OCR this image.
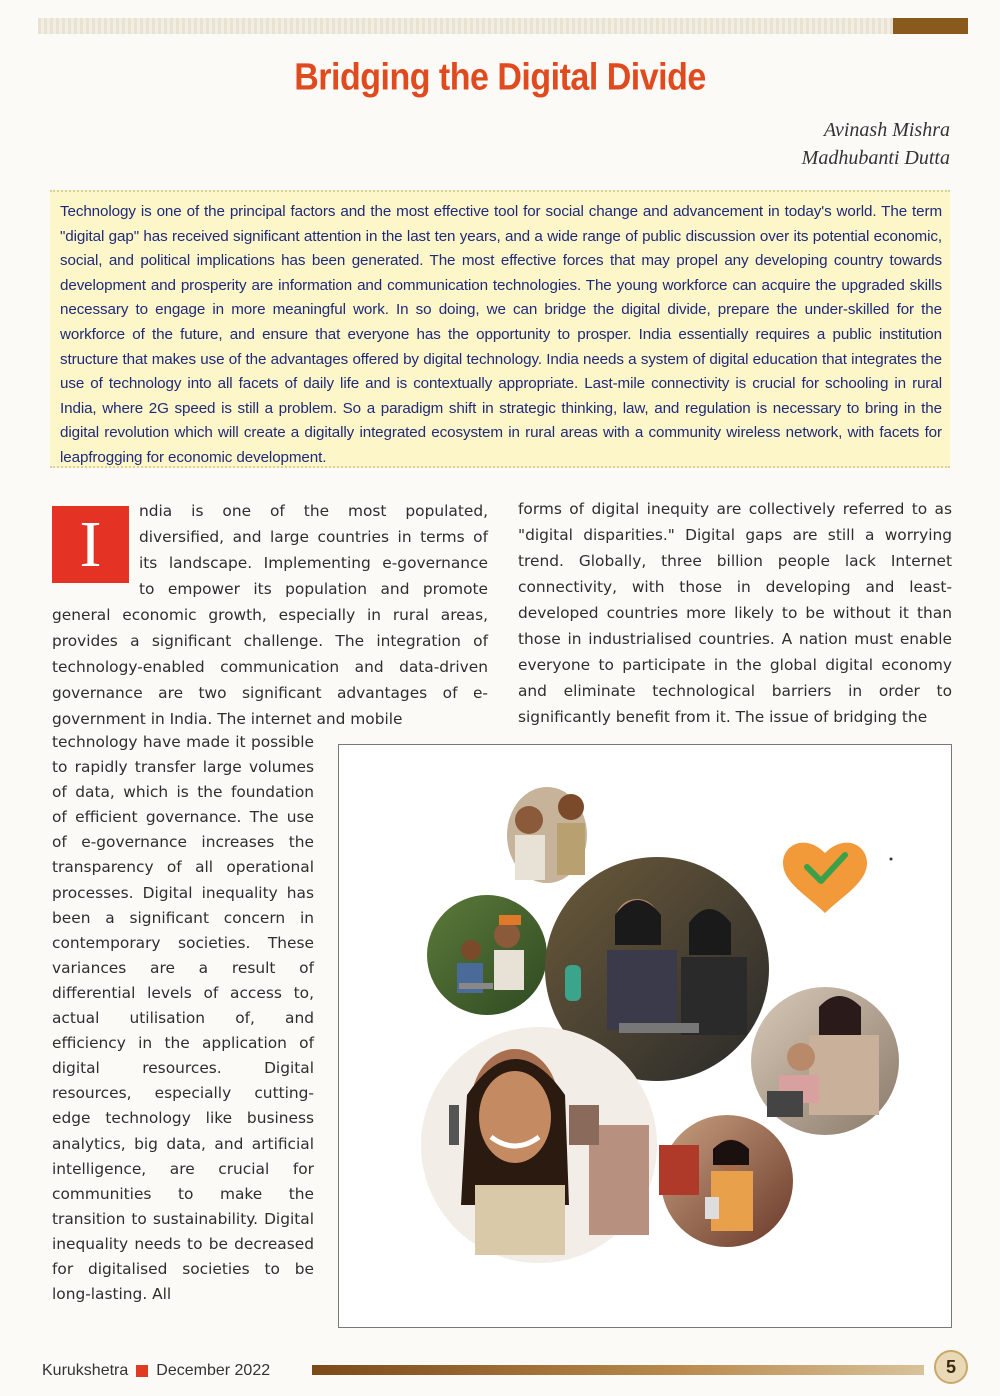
Bridging the Digital Divide
Avinash Mishra
Madhubanti Dutta

Technology is one of the principal factors and the most effective tool for social change and advancement in today's world. The term "digital gap" has received significant attention in the last ten years, and a wide range of public discussion over its potential economic, social, and political implications has been generated. The most effective forces that may propel any developing country towards development and prosperity are information and communication technologies. The young workforce can acquire the upgraded skills necessary to engage in more meaningful work. In so doing, we can bridge the digital divide, prepare the under-skilled for the workforce of the future, and ensure that everyone has the opportunity to prosper. India essentially requires a public institution structure that makes use of the advantages offered by digital technology. India needs a system of digital education that integrates the use of technology into all facets of daily life and is contextually appropriate. Last-mile connectivity is crucial for schooling in rural India, where 2G speed is still a problem. So a paradigm shift in strategic thinking, law, and regulation is necessary to bring in the digital revolution which will create a digitally integrated ecosystem in rural areas with a community wireless network, with facets for leapfrogging for economic development.

I	ndia is one of the most populated, diversified, and large countries in terms of its landscape. Implementing e-governance to empower its population and promote general economic growth, especially in rural areas, provides a significant challenge. The integration of technology-enabled communication and data-driven governance are two significant advantages of e-government in India. The internet and mobile

technology have made it possible to rapidly transfer large volumes of data, which is the foundation of efficient governance. The use of e-governance increases the transparency of all operational processes. Digital inequality has been a significant concern in contemporary societies. These variances are a result of differential levels of access to, actual utilisation of, and efficiency in the application of digital resources. Digital resources, especially cutting-edge technology like business analytics, big data, and artificial intelligence, are crucial for communities to make the transition to sustainability. Digital inequality needs to be decreased for digitalised societies to be long-lasting. All

forms of digital inequity are collectively referred to as "digital disparities." Digital gaps are still a worrying trend. Globally, three billion people lack Internet connectivity, with those in developing and least-developed countries more likely to be without it than those in industrialised countries. A nation must enable everyone to participate in the global digital economy and eliminate technological barriers in order to significantly benefit from it. The issue of bridging the

Kurukshetra December 2022	5
